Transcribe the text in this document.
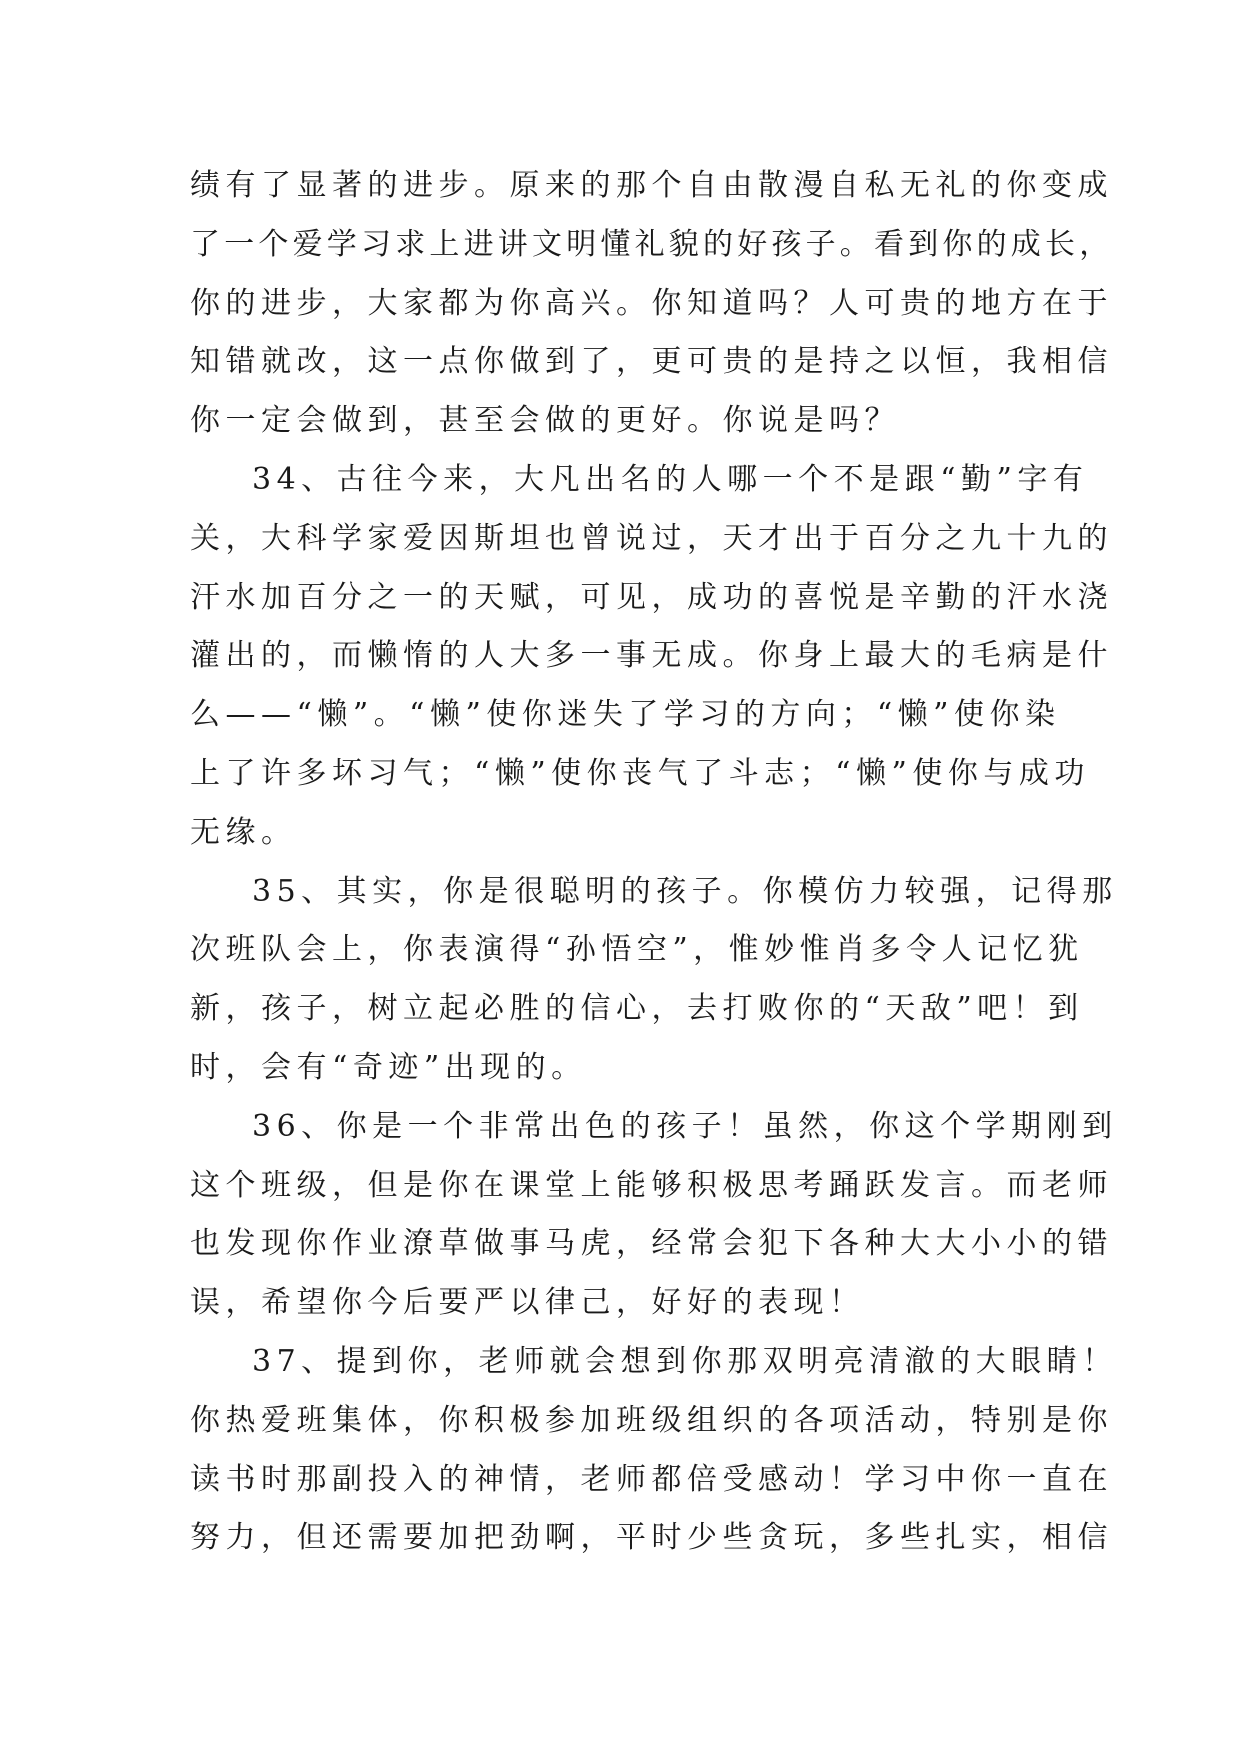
绩有了显著的进步。原来的那个自由散漫自私无礼的你变成
了一个爱学习求上进讲文明懂礼貌的好孩子。看到你的成长，
你的进步，大家都为你高兴。你知道吗？人可贵的地方在于
知错就改，这一点你做到了，更可贵的是持之以恒，我相信
你一定会做到，甚至会做的更好。你说是吗？
34、古往今来，大凡出名的人哪一个不是跟“勤”字有
关，大科学家爱因斯坦也曾说过，天才出于百分之九十九的
汗水加百分之一的天赋，可见，成功的喜悦是辛勤的汗水浇
灌出的，而懒惰的人大多一事无成。你身上最大的毛病是什
么——“懒”。“懒”使你迷失了学习的方向；“懒”使你染
上了许多坏习气；“懒”使你丧气了斗志；“懒”使你与成功
无缘。
35、其实，你是很聪明的孩子。你模仿力较强，记得那
次班队会上，你表演得“孙悟空”，惟妙惟肖多令人记忆犹
新，孩子，树立起必胜的信心，去打败你的“天敌”吧！到
时，会有“奇迹”出现的。
36、你是一个非常出色的孩子！虽然，你这个学期刚到
这个班级，但是你在课堂上能够积极思考踊跃发言。而老师
也发现你作业潦草做事马虎，经常会犯下各种大大小小的错
误，希望你今后要严以律己，好好的表现！
37、提到你，老师就会想到你那双明亮清澈的大眼睛！
你热爱班集体，你积极参加班级组织的各项活动，特别是你
读书时那副投入的神情，老师都倍受感动！学习中你一直在
努力，但还需要加把劲啊，平时少些贪玩，多些扎实，相信
